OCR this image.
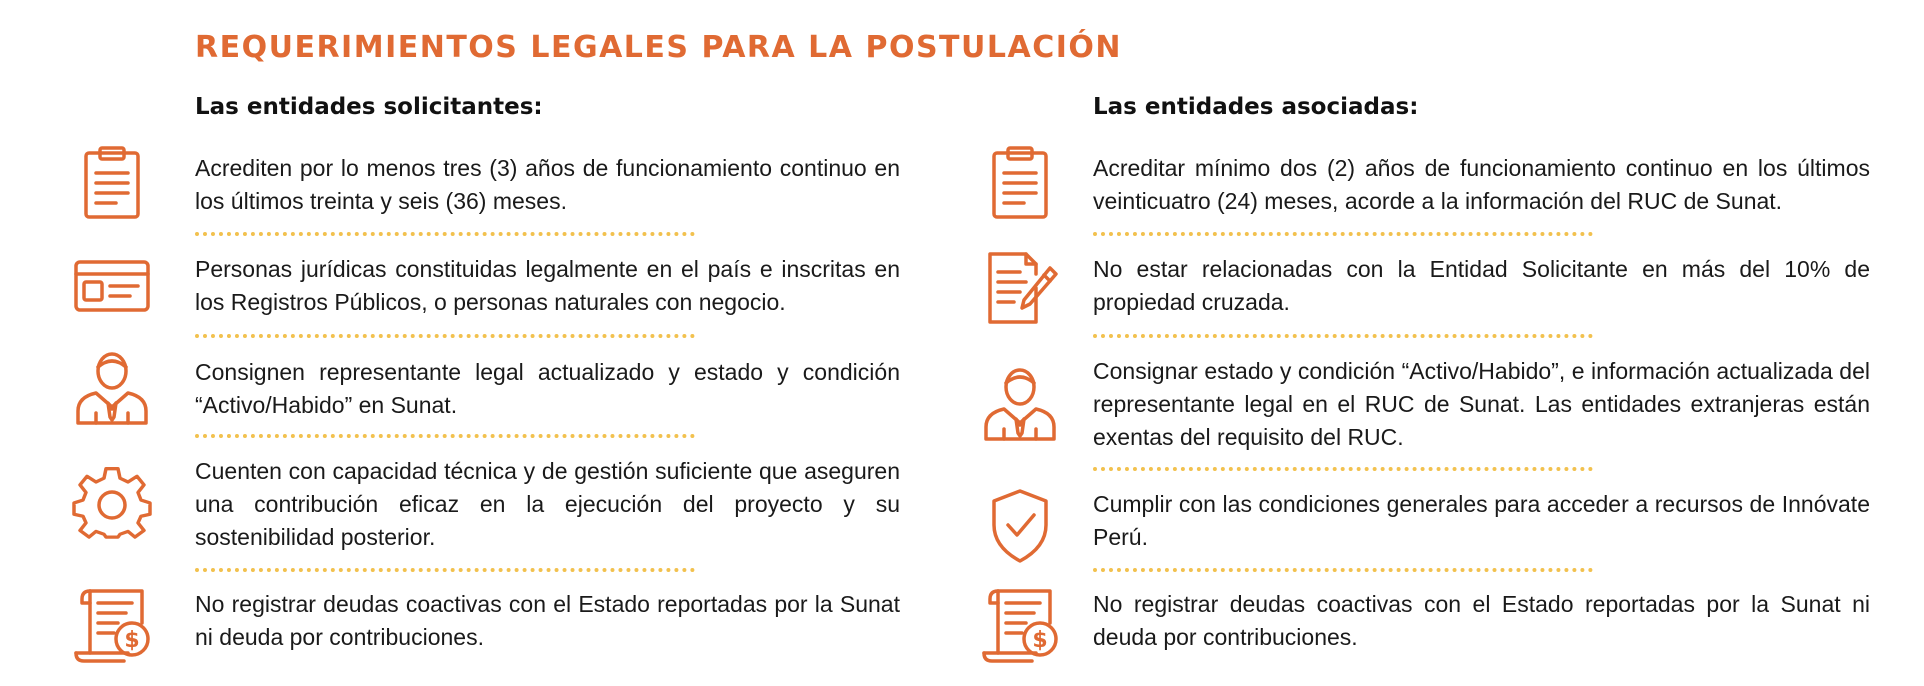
REQUERIMIENTOS LEGALES PARA LA POSTULACIÓN
Las entidades solicitantes:
Acrediten por lo menos tres (3) años de funcionamiento continuo en los últimos treinta y seis (36) meses.
Personas jurídicas constituidas legalmente en el país e inscritas en los Registros Públicos, o personas naturales con negocio.
Consignen representante legal actualizado y estado y condición “Activo/Habido” en Sunat.
Cuenten con capacidad técnica y de gestión suficiente que aseguren una contribución eficaz en la ejecución del proyecto y su sostenibilidad posterior.
$
No registrar deudas coactivas con el Estado reportadas por la Sunat ni deuda por contribuciones.
Las entidades asociadas:
Acreditar mínimo dos (2) años de funcionamiento continuo en los últimos veinticuatro (24) meses, acorde a la información del RUC de Sunat.
No estar relacionadas con la Entidad Solicitante en más del 10% de propiedad cruzada.
Consignar estado y condición “Activo/Habido”, e información actualizada del representante legal en el RUC de Sunat. Las entidades extranjeras están exentas del requisito del RUC.
Cumplir con las condiciones generales para acceder a recursos de Innóvate Perú.
$
No registrar deudas coactivas con el Estado reportadas por la Sunat ni deuda por contribuciones.
